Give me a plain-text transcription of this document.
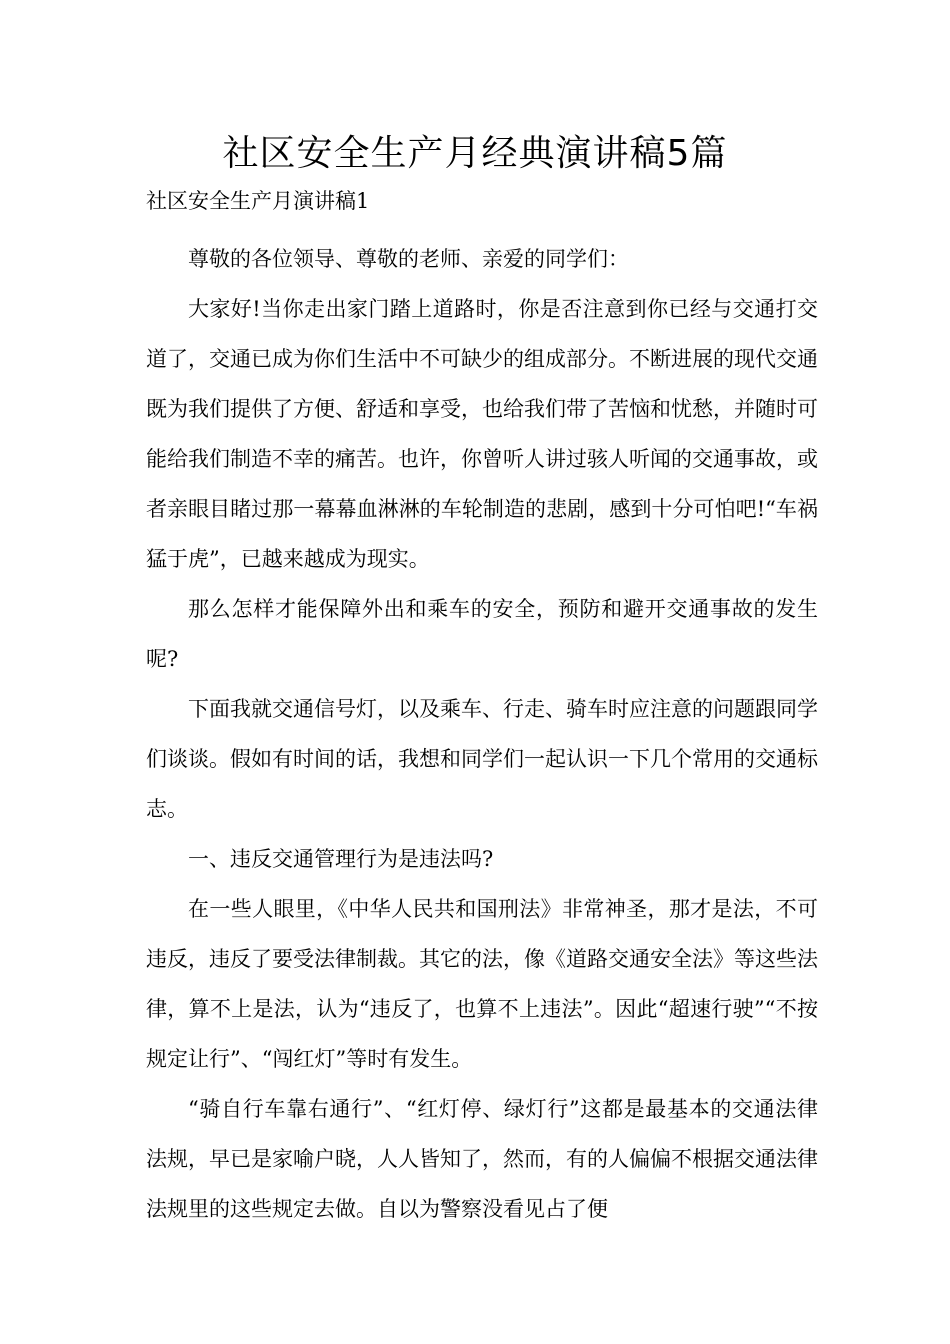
社区安全生产月经典演讲稿5篇
社区安全生产月演讲稿1

尊敬的各位领导、尊敬的老师、亲爱的同学们：

大家好!当你走出家门踏上道路时，你是否注意到你已经与交通打交道了，交通已成为你们生活中不可缺少的组成部分。不断进展的现代交通既为我们提供了方便、舒适和享受，也给我们带了苦恼和忧愁，并随时可能给我们制造不幸的痛苦。也许，你曾听人讲过骇人听闻的交通事故，或者亲眼目睹过那一幕幕血淋淋的车轮制造的悲剧，感到十分可怕吧!“车祸猛于虎”，已越来越成为现实。

那么怎样才能保障外出和乘车的安全，预防和避开交通事故的发生呢?

下面我就交通信号灯，以及乘车、行走、骑车时应注意的问题跟同学们谈谈。假如有时间的话，我想和同学们一起认识一下几个常用的交通标志。

一、违反交通管理行为是违法吗?

在一些人眼里，《中华人民共和国刑法》非常神圣，那才是法，不可违反，违反了要受法律制裁。其它的法，像《道路交通安全法》等这些法律，算不上是法，认为“违反了，也算不上违法”。因此“超速行驶”“不按规定让行”、“闯红灯”等时有发生。

“骑自行车靠右通行”、“红灯停、绿灯行”这都是最基本的交通法律法规，早已是家喻户晓，人人皆知了，然而，有的人偏偏不根据交通法律法规里的这些规定去做。自以为警察没看见占了便
